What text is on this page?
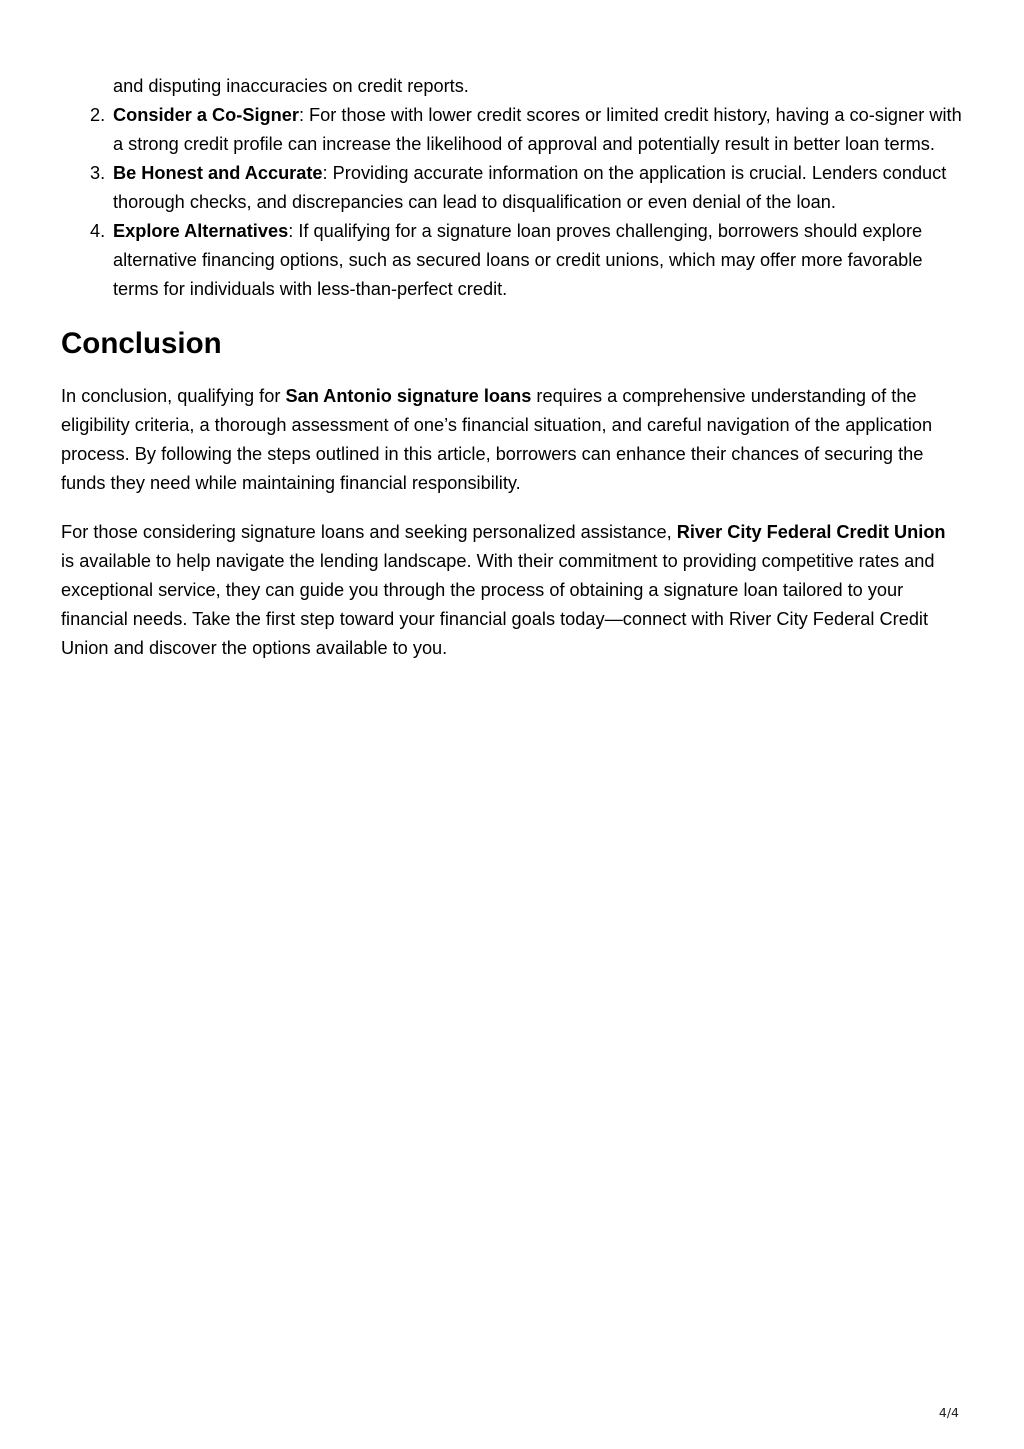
and disputing inaccuracies on credit reports.

2. Consider a Co-Signer: For those with lower credit scores or limited credit history, having a co-signer with a strong credit profile can increase the likelihood of approval and potentially result in better loan terms.
3. Be Honest and Accurate: Providing accurate information on the application is crucial. Lenders conduct thorough checks, and discrepancies can lead to disqualification or even denial of the loan.
4. Explore Alternatives: If qualifying for a signature loan proves challenging, borrowers should explore alternative financing options, such as secured loans or credit unions, which may offer more favorable terms for individuals with less-than-perfect credit.
Conclusion

In conclusion, qualifying for San Antonio signature loans requires a comprehensive understanding of the eligibility criteria, a thorough assessment of one’s financial situation, and careful navigation of the application process. By following the steps outlined in this article, borrowers can enhance their chances of securing the funds they need while maintaining financial responsibility.

For those considering signature loans and seeking personalized assistance, River City Federal Credit Union is available to help navigate the lending landscape. With their commitment to providing competitive rates and exceptional service, they can guide you through the process of obtaining a signature loan tailored to your financial needs. Take the first step toward your financial goals today—connect with River City Federal Credit Union and discover the options available to you.

4/4
